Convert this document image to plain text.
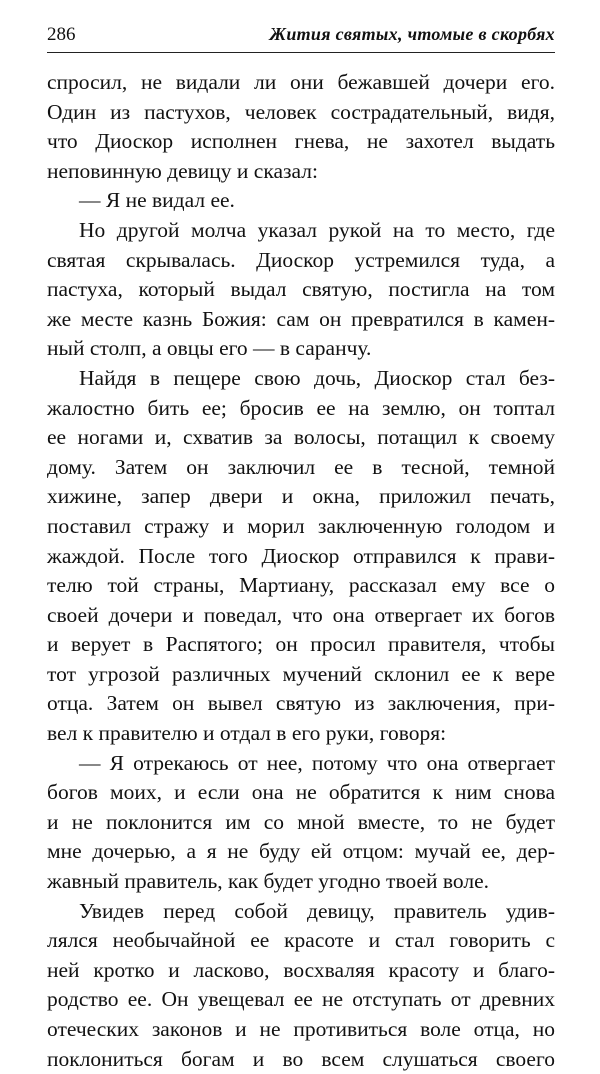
286	Жития святых, чтомые в скорбях
спросил, не видали ли они бежавшей дочери его.
Один из пастухов, человек сострадательный, видя,
что Диоскор исполнен гнева, не захотел выдать
неповинную девицу и сказал:
— Я не видал ее.
Но другой молча указал рукой на то место, где
святая скрывалась. Диоскор устремился туда, а
пастуха, который выдал святую, постигла на том
же месте казнь Божия: сам он превратился в камен-
ный столп, а овцы его — в саранчу.
Найдя в пещере свою дочь, Диоскор стал без-
жалостно бить ее; бросив ее на землю, он топтал
ее ногами и, схватив за волосы, потащил к своему
дому. Затем он заключил ее в тесной, темной
хижине, запер двери и окна, приложил печать,
поставил стражу и морил заключенную голодом и
жаждой. После того Диоскор отправился к прави-
телю той страны, Мартиану, рассказал ему все о
своей дочери и поведал, что она отвергает их богов
и верует в Распятого; он просил правителя, чтобы
тот угрозой различных мучений склонил ее к вере
отца. Затем он вывел святую из заключения, при-
вел к правителю и отдал в его руки, говоря:
— Я отрекаюсь от нее, потому что она отвергает
богов моих, и если она не обратится к ним снова
и не поклонится им со мной вместе, то не будет
мне дочерью, а я не буду ей отцом: мучай ее, дер-
жавный правитель, как будет угодно твоей воле.
Увидев перед собой девицу, правитель удив-
лялся необычайной ее красоте и стал говорить с
ней кротко и ласково, восхваляя красоту и благо-
родство ее. Он увещевал ее не отступать от древних
отеческих законов и не противиться воле отца, но
поклониться богам и во всем слушаться своего
